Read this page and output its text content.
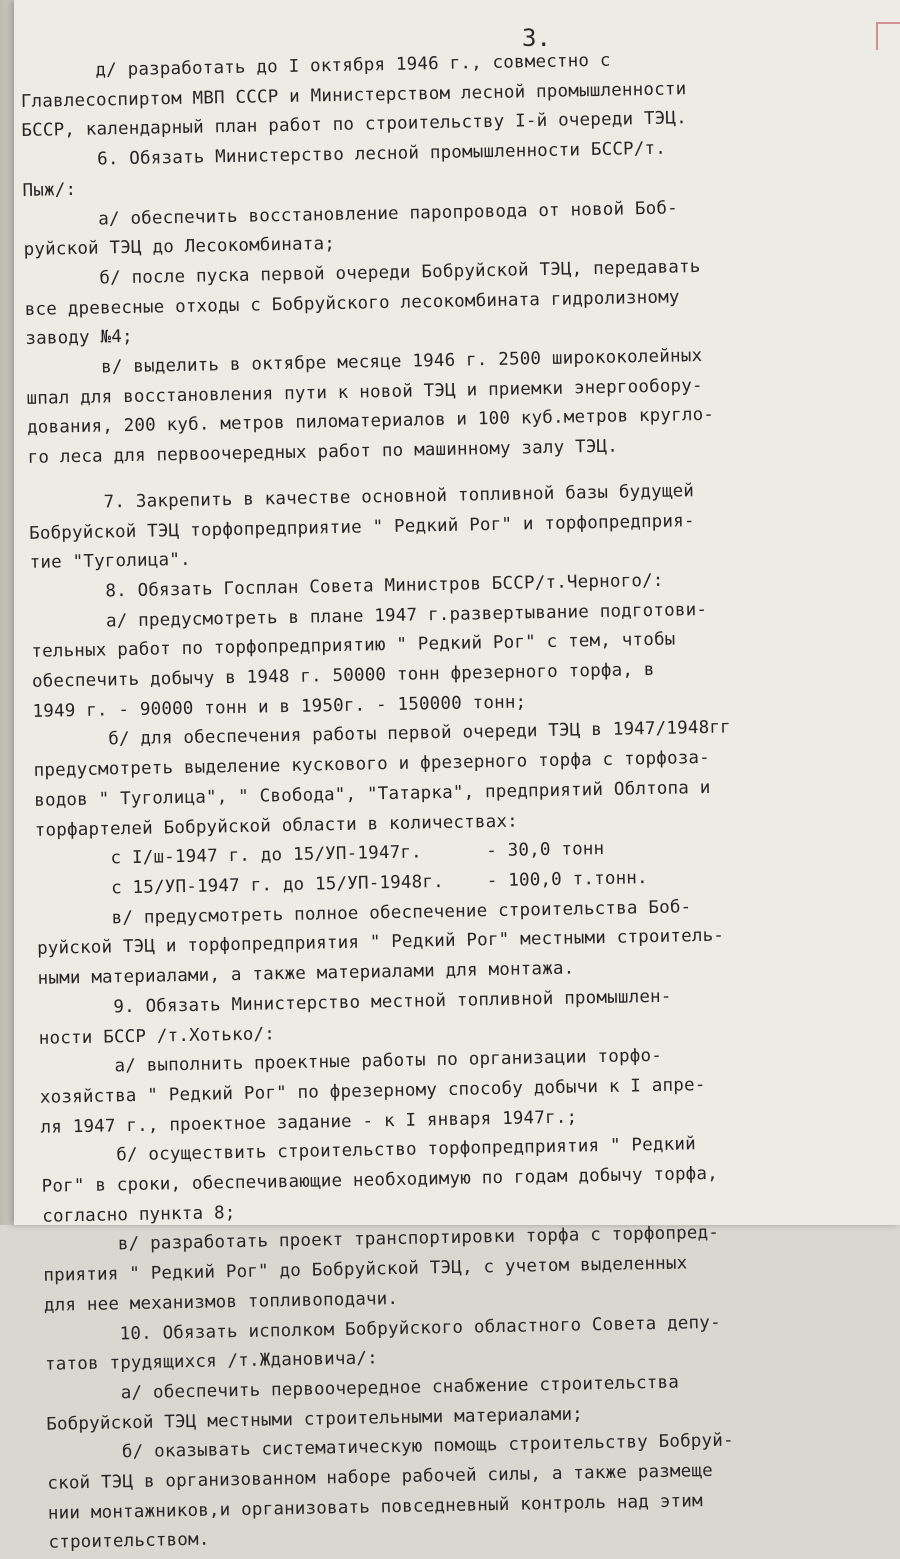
3.
д/ разработать до I октября 1946 г., совместно с
Главлесоспиртом МВП СССР и Министерством лесной промышленности
БССР, календарный план работ по строительству I-й очереди ТЭЦ.
6. Обязать Министерство лесной промышленности БССР/т.
Пыж/:
а/ обеспечить восстановление паропровода от новой Боб-
руйской ТЭЦ до Лесокомбината;
б/ после пуска первой очереди Бобруйской ТЭЦ, передавать
все древесные отходы с Бобруйского лесокомбината гидролизному
заводу №4;
в/ выделить в октябре месяце 1946 г. 2500 ширококолейных
шпал для восстановления пути к новой ТЭЦ и приемки энергообору-
дования, 200 куб. метров пиломатериалов и 100 куб.метров кругло-
го леса для первоочередных работ по машинному залу ТЭЦ.
7. Закрепить в качестве основной топливной базы будущей
Бобруйской ТЭЦ торфопредприятие " Редкий Рог" и торфопредприя-
тие "Туголица".
8. Обязать Госплан Совета Министров БССР/т.Черного/:
а/ предусмотреть в плане 1947 г.развертывание подготови-
тельных работ по торфопредприятию " Редкий Рог" с тем, чтобы
обеспечить добычу в 1948 г. 50000 тонн фрезерного торфа, в
1949 г. - 90000 тонн и в 1950г. - 150000 тонн;
б/ для обеспечения работы первой очереди ТЭЦ в 1947/1948гг
предусмотреть выделение кускового и фрезерного торфа с торфоза-
водов " Туголица", " Свобода", "Татарка", предприятий Облтопа и
торфартелей Бобруйской области в количествах:
с I/ш-1947 г. до 15/УП-1947г.      - 30,0 тонн
с 15/УП-1947 г. до 15/УП-1948г.    - 100,0 т.тонн.
в/ предусмотреть полное обеспечение строительства Боб-
руйской ТЭЦ и торфопредприятия " Редкий Рог" местными строитель-
ными материалами, а также материалами для монтажа.
9. Обязать Министерство местной топливной промышлен-
ности БССР /т.Хотько/:
а/ выполнить проектные работы по организации торфо-
хозяйства " Редкий Рог" по фрезерному способу добычи к I апре-
ля 1947 г., проектное задание - к I января 1947г.;
б/ осуществить строительство торфопредприятия " Редкий
Рог" в сроки, обеспечивающие необходимую по годам добычу торфа,
согласно пункта 8;
в/ разработать проект транспортировки торфа с торфопред-
приятия " Редкий Рог" до Бобруйской ТЭЦ, с учетом выделенных
для нее механизмов топливоподачи.
10. Обязать исполком Бобруйского областного Совета депу-
татов трудящихся /т.Ждановича/:
а/ обеспечить первоочередное снабжение строительства
Бобруйской ТЭЦ местными строительными материалами;
б/ оказывать систематическую помощь строительству Бобруй-
ской ТЭЦ в организованном наборе рабочей силы, а также размеще
нии монтажников,и организовать повседневный контроль над этим
строительством.
